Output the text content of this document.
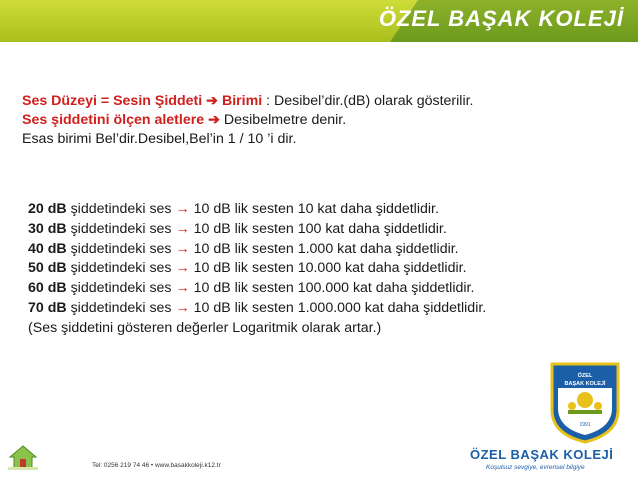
ÖZEL BAŞAK KOLEJİ
Ses Düzeyi = Sesin Şiddeti ➔ Birimi : Desibel’dir.(dB) olarak gösterilir.
Ses şiddetini ölçen aletlere ➔ Desibelmetre denir.
Esas birimi Bel’dir.Desibel,Bel’in 1 / 10 ’i dir.
20 dB şiddetindeki ses → 10 dB lik sesten 10 kat daha şiddetlidir.
30 dB şiddetindeki ses → 10 dB lik sesten 100 kat daha şiddetlidir.
40 dB şiddetindeki ses → 10 dB lik sesten 1.000 kat daha şiddetlidir.
50 dB şiddetindeki ses → 10 dB lik sesten 10.000 kat daha şiddetlidir.
60 dB şiddetindeki ses → 10 dB lik sesten 100.000 kat daha şiddetlidir.
70 dB şiddetindeki ses → 10 dB lik sesten 1.000.000 kat daha şiddetlidir.
(Ses şiddetini gösteren değerler Logaritmik olarak artar.)
Tel: 0256 219 74 46 • www.basakkoleji.k12.tr
ÖZEL
BAŞAK KOLEJİ
1991
ÖZEL BAŞAK KOLEJİ
Koşulsuz sevgiye, evrensel bilgiye
